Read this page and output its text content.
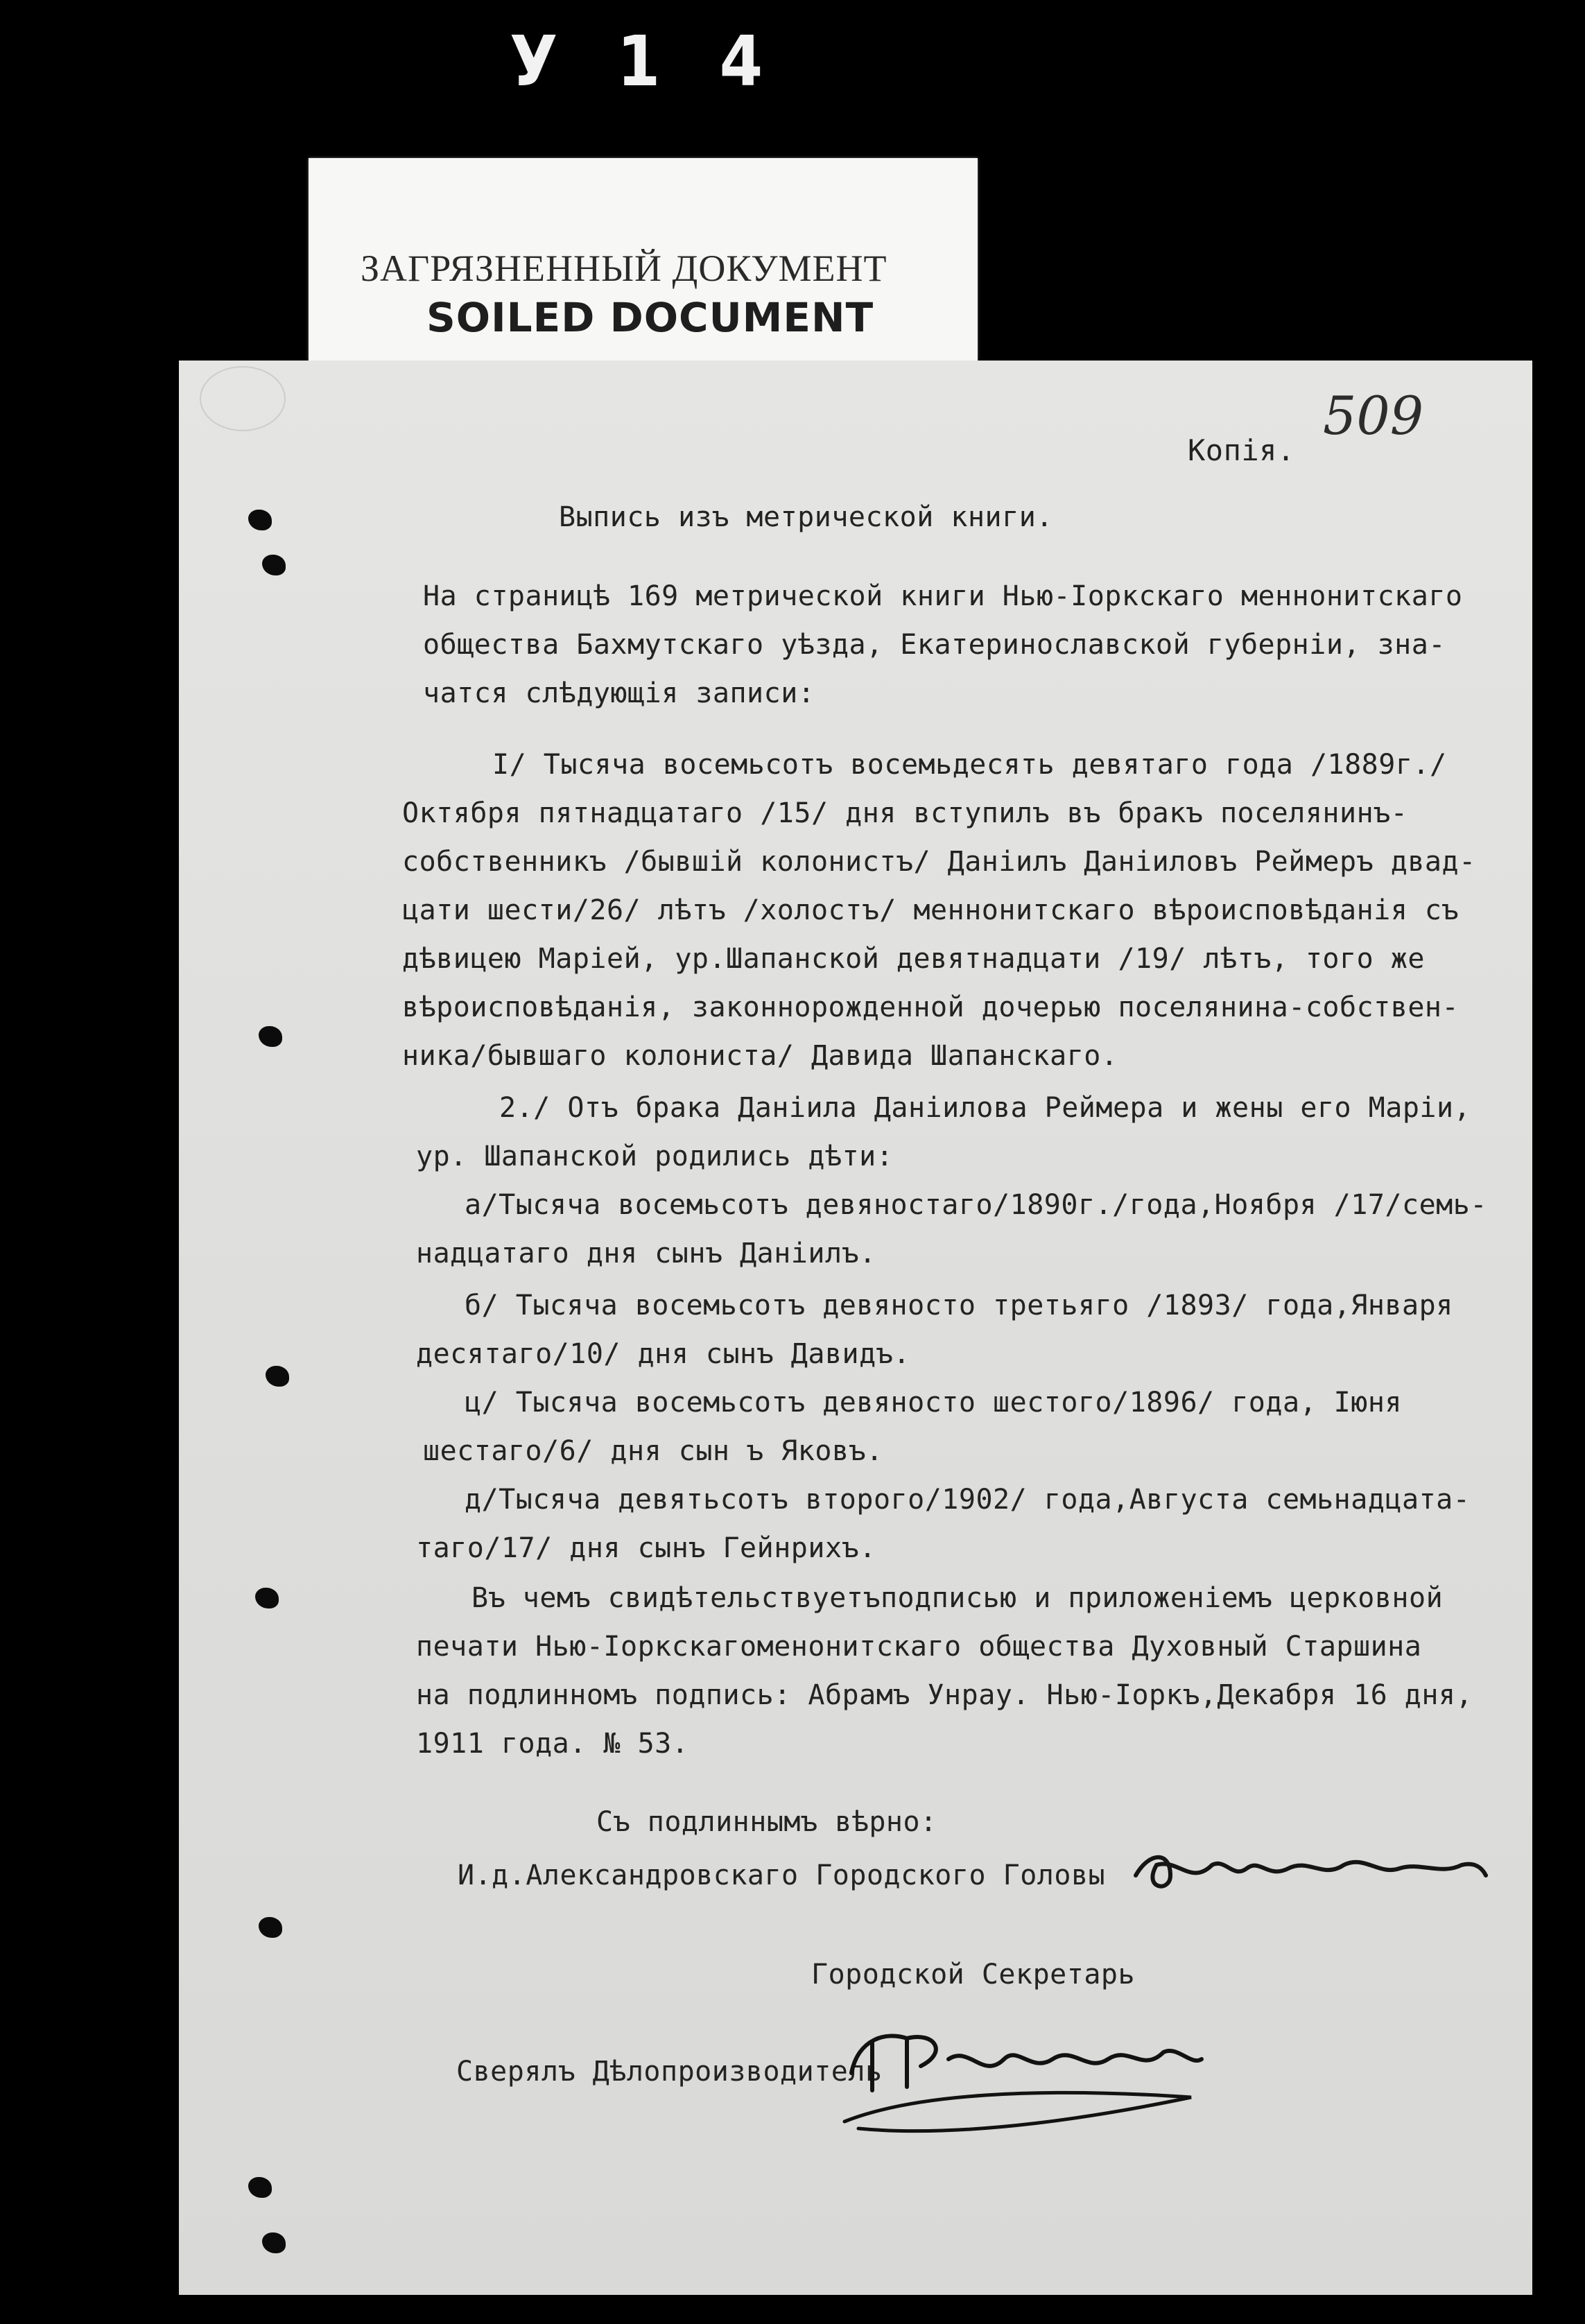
У 1 4
ЗАГРЯЗНЕННЫЙ ДОКУМЕНТ
SOILED DOCUMENT
Копія.
509
Выпись изъ метрической книги.
На страницѣ 169 метрической книги Нью-Іоркскаго меннонитскаго
общества Бахмутскаго уѣзда, Екатеринославской губерніи, зна-
чатся слѣдующія записи:
I/ Тысяча восемьсотъ восемьдесять девятаго года /1889г./
Октября пятнадцатаго /15/ дня вступилъ въ бракъ поселянинъ-
собственникъ /бывшій колонистъ/ Даніилъ Даніиловъ Реймеръ двад-
цати шести/26/ лѣтъ /холостъ/ меннонитскаго вѣроисповѣданія съ
дѣвицею Маріей, ур.Шапанской девятнадцати /19/ лѣтъ, того же
вѣроисповѣданія, законнорожденной дочерью поселянина-собствен-
ника/бывшаго колониста/ Давида Шапанскаго.
2./ Отъ брака Даніила Даніилова Реймера и жены его Маріи,
ур. Шапанской родились дѣти:
а/Тысяча восемьсотъ девяностаго/1890г./года,Ноября /17/семь-
надцатаго дня сынъ Даніилъ.
б/ Тысяча восемьсотъ девяносто третьяго /1893/ года,Января
десятаго/10/ дня сынъ Давидъ.
ц/ Тысяча восемьсотъ девяносто шестого/1896/ года, Іюня
шестаго/6/ дня сын ъ Яковъ.
д/Тысяча девятьсотъ второго/1902/ года,Августа семьнадцата-
таго/17/ дня сынъ Гейнрихъ.
Въ чемъ свидѣтельствуетъподписью и приложеніемъ церковной
печати Нью-Іоркскагоменонитскаго общества Духовный Старшина
на подлинномъ подпись: Абрамъ Унрау. Нью-Іоркъ,Декабря 16 дня,
1911 года. № 53.
Съ подлиннымъ вѣрно:
И.д.Александровскаго Городского Головы
Городской Секретарь
Сверялъ Дѣлопроизводитель
